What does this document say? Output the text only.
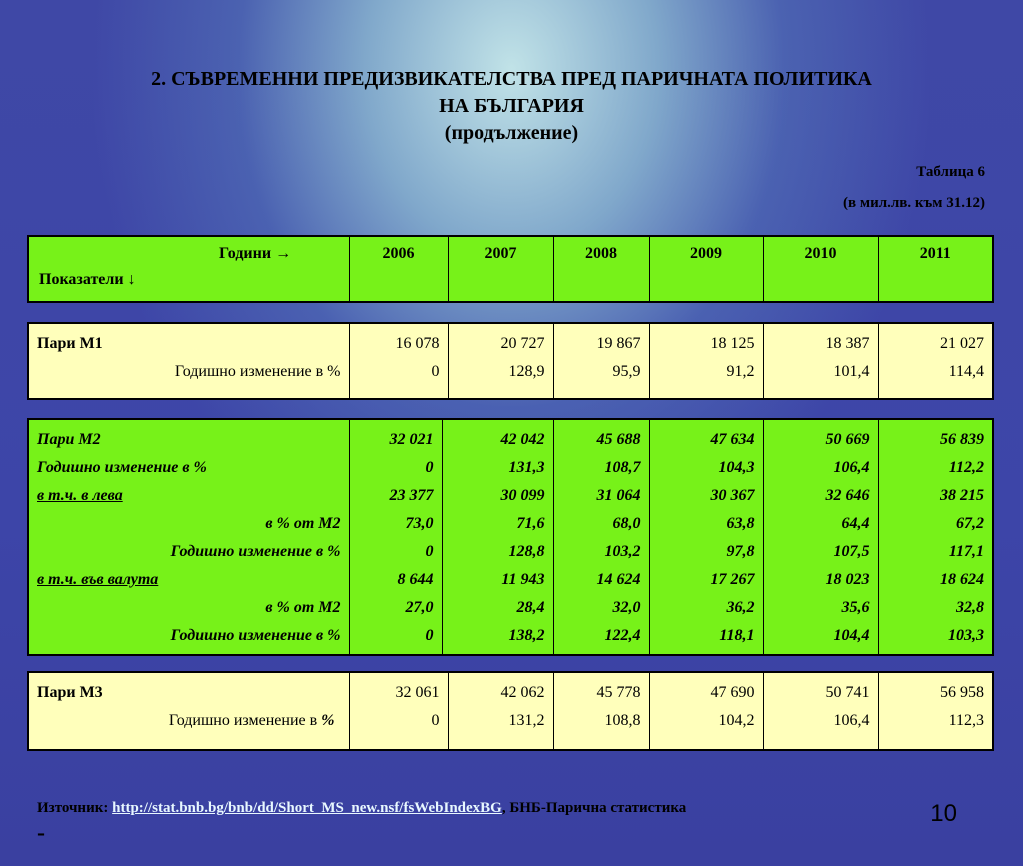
2. СЪВРЕМЕННИ ПРЕДИЗВИКАТЕЛСТВА ПРЕД ПАРИЧНАТА ПОЛИТИКА
НА БЪЛГАРИЯ
(продължение)
Таблица 6
(в мил.лв. към 31.12)
Години →
Показатели ↓
	2006	2007	2008	2009	2010	2011
Пари М1	16 078	20 727	19 867	18 125	18 387	21 027
Годишно изменение в %	0	128,9	95,9	91,2	101,4	114,4
Пари М2	32 021	42 042	45 688	47 634	50 669	56 839
Годишно изменение в %	0	131,3	108,7	104,3	106,4	112,2
в т.ч. в лева	23 377	30 099	31 064	30 367	32 646	38 215
в % от М2	73,0	71,6	68,0	63,8	64,4	67,2
Годишно изменение в %	0	128,8	103,2	97,8	107,5	117,1
в т.ч. във валута	8 644	11 943	14 624	17 267	18 023	18 624
в % от М2	27,0	28,4	32,0	36,2	35,6	32,8
Годишно изменение в %	0	138,2	122,4	118,1	104,4	103,3
Пари М3	32 061	42 062	45 778	47 690	50 741	56 958
Годишно изменение в %	0	131,2	108,8	104,2	106,4	112,3
Източник: http://stat.bnb.bg/bnb/dd/Short_MS_new.nsf/fsWebIndexBG, БНБ-Парична статистика
-
10
